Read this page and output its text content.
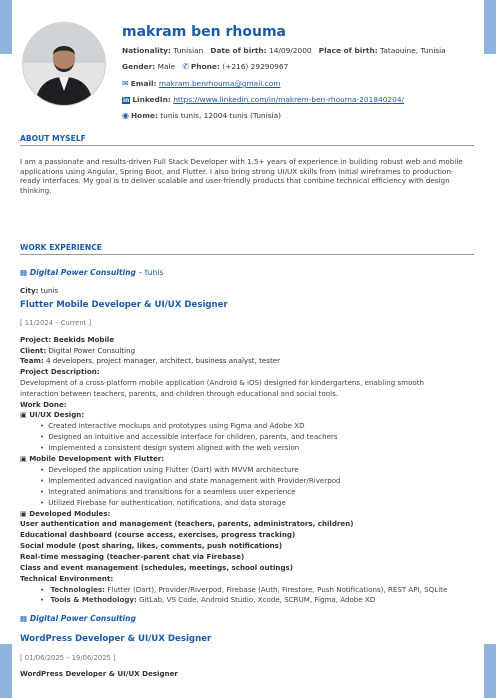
makram ben rhouma
Nationality: Tunisian Date of birth: 14/09/2000 Place of birth: Tataouine, Tunisia
Gender: Male ✆ Phone: (+216) 29290967
✉ Email: makram.benrhouma@gmail.com
in LinkedIn: https://www.linkedin.com/in/makrem-ben-rhouma-201840204/
◉ Home: tunis tunis, 12004 tunis (Tunisia)
ABOUT MYSELF
I am a passionate and results-driven Full Stack Developer with 1.5+ years of experience in building robust web and mobile applications using Angular, Spring Boot, and Flutter. I also bring strong UI/UX skills from initial wireframes to production-ready interfaces. My goal is to deliver scalable and user-friendly products that combine technical efficiency with design thinking.
WORK EXPERIENCE
▦ Digital Power Consulting – tunis
City: tunis
Flutter Mobile Developer & UI/UX Designer
[ 11/2024 – Current ]
Project: Beekids Mobile
Client: Digital Power Consulting
Team: 4 developers, project manager, architect, business analyst, tester
Project Description:
Development of a cross-platform mobile application (Android & iOS) designed for kindergartens, enabling smooth
interaction between teachers, parents, and children through educational and social tools.
Work Done:
▣ UI/UX Design:
• Created interactive mockups and prototypes using Figma and Adobe XD
• Designed an intuitive and accessible interface for children, parents, and teachers
• Implemented a consistent design system aligned with the web version
▣ Mobile Development with Flutter:
• Developed the application using Flutter (Dart) with MVVM architecture
• Implemented advanced navigation and state management with Provider/Riverpod
• Integrated animations and transitions for a seamless user experience
• Utilized Firebase for authentication, notifications, and data storage
▣ Developed Modules:
User authentication and management (teachers, parents, administrators, children)
Educational dashboard (course access, exercises, progress tracking)
Social module (post sharing, likes, comments, push notifications)
Real-time messaging (teacher-parent chat via Firebase)
Class and event management (schedules, meetings, school outings)
Technical Environment:
• Technologies: Flutter (Dart), Provider/Riverpod, Firebase (Auth, Firestore, Push Notifications), REST API, SQLite
• Tools & Methodology: GitLab, VS Code, Android Studio, Xcode, SCRUM, Figma, Adobe XD
▦ Digital Power Consulting
WordPress Developer & UI/UX Designer
[ 01/06/2025 – 19/06/2025 ]
WordPress Developer & UI/UX Designer
